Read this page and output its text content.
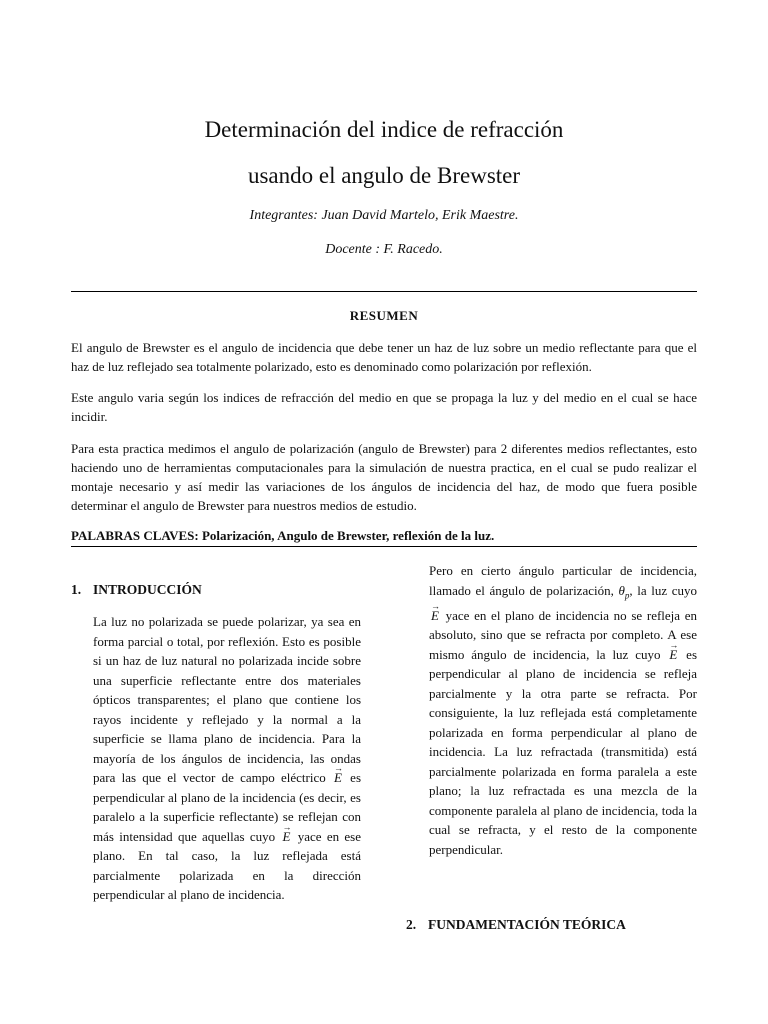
Determinación del indice de refracción
usando el angulo de Brewster
Integrantes: Juan David Martelo, Erik Maestre.
Docente : F. Racedo.
RESUMEN
El angulo de Brewster es el angulo de incidencia que debe tener un haz de luz sobre un medio reflectante para que el haz de luz reflejado sea totalmente polarizado, esto es denominado como polarización por reflexión.
Este angulo varia según los indices de refracción del medio en que se propaga la luz y del medio en el cual se hace incidir.
Para esta practica medimos el angulo de polarización (angulo de Brewster) para 2 diferentes medios reflectantes, esto haciendo uno de herramientas computacionales para la simulación de nuestra practica, en el cual se pudo realizar el montaje necesario y así medir las variaciones de los ángulos de incidencia del haz, de modo que fuera posible determinar el angulo de Brewster para nuestros medios de estudio.
PALABRAS CLAVES: Polarización, Angulo de Brewster, reflexión de la luz.
1. INTRODUCCIÓN
La luz no polarizada se puede polarizar, ya sea en forma parcial o total, por reflexión. Esto es posible si un haz de luz natural no polarizada incide sobre una superficie reflectante entre dos materiales ópticos transparentes; el plano que contiene los rayos incidente y reflejado y la normal a la superficie se llama plano de incidencia. Para la mayoría de los ángulos de incidencia, las ondas para las que el vector de campo eléctrico → E es perpendicular al plano de la incidencia (es decir, es paralelo a la superficie reflectante) se reflejan con más intensidad que aquellas cuyo → E yace en ese plano. En tal caso, la luz reflejada está parcialmente polarizada en la dirección perpendicular al plano de incidencia.
Pero en cierto ángulo particular de incidencia, llamado el ángulo de polarización, $\theta_p$, la luz cuyo → E yace en el plano de incidencia no se refleja en absoluto, sino que se refracta por completo. A ese mismo ángulo de incidencia, la luz cuyo → E es perpendicular al plano de incidencia se refleja parcialmente y la otra parte se refracta. Por consiguiente, la luz reflejada está completamente polarizada en forma perpendicular al plano de incidencia. La luz refractada (transmitida) está parcialmente polarizada en forma paralela a este plano; la luz refractada es una mezcla de la componente paralela al plano de incidencia, toda la cual se refracta, y el resto de la componente perpendicular.
2. FUNDAMENTACIÓN TEÓRICA
